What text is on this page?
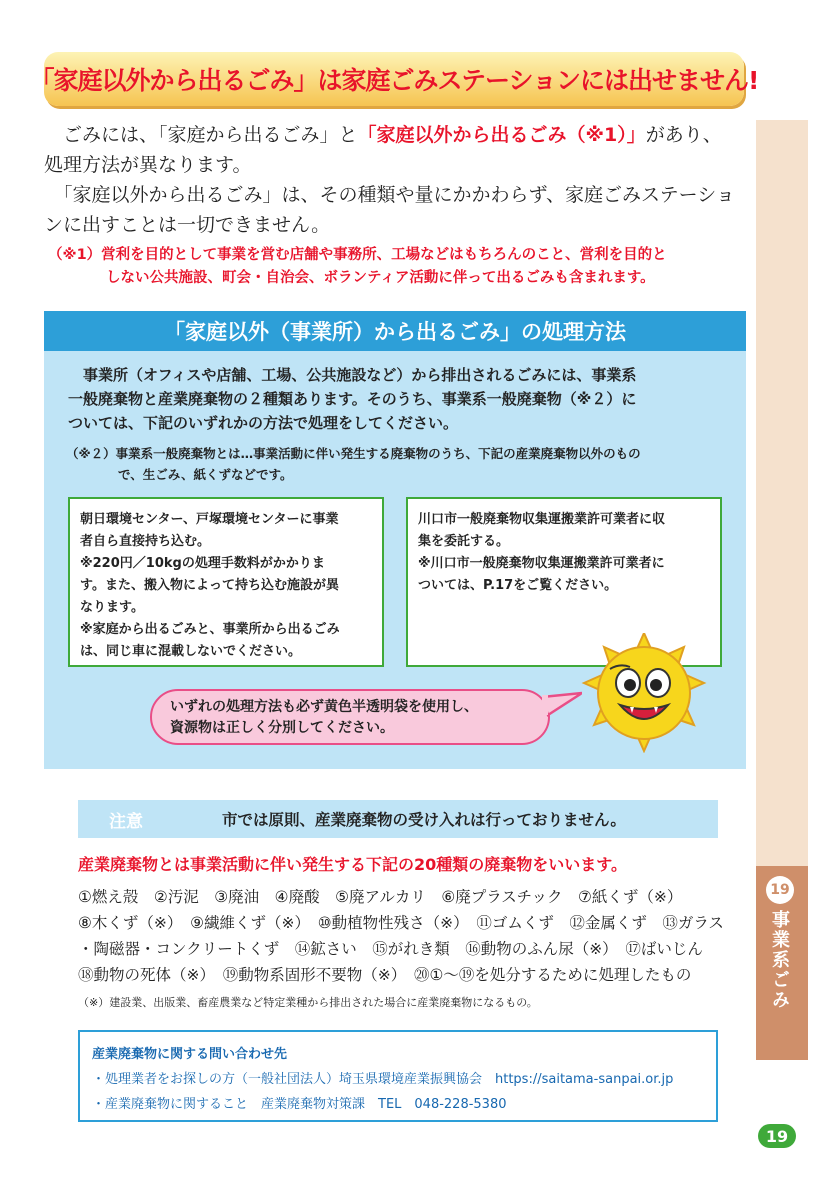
「家庭以外から出るごみ」は家庭ごみステーションには出せません!

　ごみには、「家庭から出るごみ」と「家庭以外から出るごみ（※1）」があり、

処理方法が異なります。

　「家庭以外から出るごみ」は、その種類や量にかかわらず、家庭ごみステーショ

ンに出すことは一切できません。

（※1）営利を目的として事業を営む店舗や事務所、工場などはもちろんのこと、営利を目的と

しない公共施設、町会・自治会、ボランティア活動に伴って出るごみも含まれます。

「家庭以外（事業所）から出るごみ」の処理方法

　事業所（オフィスや店舗、工場、公共施設など）から排出されるごみには、事業系

一般廃棄物と産業廃棄物の２種類あります。そのうち、事業系一般廃棄物（※２）に

ついては、下記のいずれかの方法で処理をしてください。

（※２）事業系一般廃棄物とは…事業活動に伴い発生する廃棄物のうち、下記の産業廃棄物以外のもの

で、生ごみ、紙くずなどです。

朝日環境センター、戸塚環境センターに事業

者自ら直接持ち込む。

※220円／10kgの処理手数料がかかりま

す。また、搬入物によって持ち込む施設が異

なります。

※家庭から出るごみと、事業所から出るごみ

は、同じ車に混載しないでください。

川口市一般廃棄物収集運搬業許可業者に収

集を委託する。

※川口市一般廃棄物収集運搬業許可業者に

ついては、P.17をご覧ください。

いずれの処理方法も必ず黄色半透明袋を使用し、

資源物は正しく分別してください。

注意	市では原則、産業廃棄物の受け入れは行っておりません。
産業廃棄物とは事業活動に伴い発生する下記の20種類の廃棄物をいいます。

①燃え殻　②汚泥　③廃油　④廃酸　⑤廃アルカリ　⑥廃プラスチック　⑦紙くず（※）

⑧木くず（※）　⑨繊維くず（※）　⑩動植物性残さ（※）　⑪ゴムくず　⑫金属くず　⑬ガラス

・陶磁器・コンクリートくず　⑭鉱さい　⑮がれき類　⑯動物のふん尿（※）　⑰ばいじん

⑱動物の死体（※）　⑲動物系固形不要物（※）　⑳①～⑲を処分するために処理したもの

（※）建設業、出版業、畜産農業など特定業種から排出された場合に産業廃棄物になるもの。

産業廃棄物に関する問い合わせ先

・処理業者をお探しの方（一般社団法人）埼玉県環境産業振興協会　https://saitama-sanpai.or.jp

・産業廃棄物に関すること　産業廃棄物対策課　TEL　048-228-5380

19
事業系ごみ
19
